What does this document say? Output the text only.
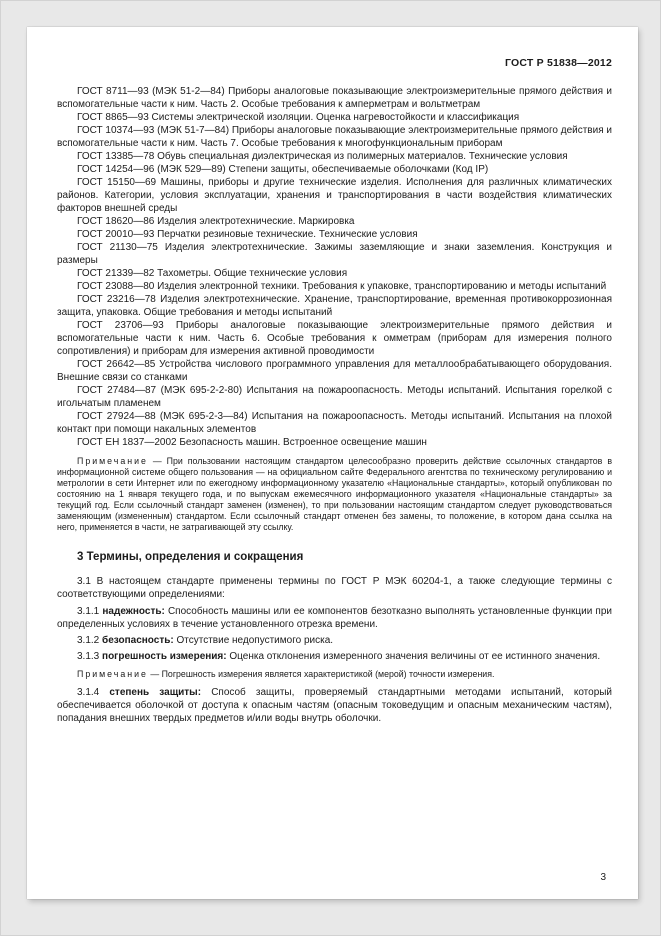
ГОСТ Р 51838—2012

ГОСТ 8711—93 (МЭК 51-2—84) Приборы аналоговые показывающие электроизмерительные прямого действия и вспомогательные части к ним. Часть 2. Особые требования к амперметрам и вольтметрам

ГОСТ 8865—93 Системы электрической изоляции. Оценка нагревостойкости и классификация

ГОСТ 10374—93 (МЭК 51-7—84) Приборы аналоговые показывающие электроизмерительные прямого действия и вспомогательные части к ним. Часть 7. Особые требования к многофункциональным приборам

ГОСТ 13385—78 Обувь специальная диэлектрическая из полимерных материалов. Технические условия

ГОСТ 14254—96 (МЭК 529—89) Степени защиты, обеспечиваемые оболочками (Код IP)

ГОСТ 15150—69 Машины, приборы и другие технические изделия. Исполнения для различных климатических районов. Категории, условия эксплуатации, хранения и транспортирования в части воздействия климатических факторов внешней среды

ГОСТ 18620—86 Изделия электротехнические. Маркировка

ГОСТ 20010—93 Перчатки резиновые технические. Технические условия

ГОСТ 21130—75 Изделия электротехнические. Зажимы заземляющие и знаки заземления. Конструкция и размеры

ГОСТ 21339—82 Тахометры. Общие технические условия

ГОСТ 23088—80 Изделия электронной техники. Требования к упаковке, транспортированию и методы испытаний

ГОСТ 23216—78 Изделия электротехнические. Хранение, транспортирование, временная противокоррозионная защита, упаковка. Общие требования и методы испытаний

ГОСТ 23706—93 Приборы аналоговые показывающие электроизмерительные прямого действия и вспомогательные части к ним. Часть 6. Особые требования к омметрам (приборам для измерения полного сопротивления) и приборам для измерения активной проводимости

ГОСТ 26642—85 Устройства числового программного управления для металлообрабатывающего оборудования. Внешние связи со станками

ГОСТ 27484—87 (МЭК 695-2-2-80) Испытания на пожароопасность. Методы испытаний. Испытания горелкой с игольчатым пламенем

ГОСТ 27924—88 (МЭК 695-2-3—84) Испытания на пожароопасность. Методы испытаний. Испытания на плохой контакт при помощи накальных элементов

ГОСТ ЕН 1837—2002 Безопасность машин. Встроенное освещение машин

Примечание — При пользовании настоящим стандартом целесообразно проверить действие ссылочных стандартов в информационной системе общего пользования — на официальном сайте Федерального агентства по техническому регулированию и метрологии в сети Интернет или по ежегодному информационному указателю «Национальные стандарты», который опубликован по состоянию на 1 января текущего года, и по выпускам ежемесячного информационного указателя «Национальные стандарты» за текущий год. Если ссылочный стандарт заменен (изменен), то при пользовании настоящим стандартом следует руководствоваться заменяющим (измененным) стандартом. Если ссылочный стандарт отменен без замены, то положение, в котором дана ссылка на него, применяется в части, не затрагивающей эту ссылку.

3 Термины, определения и сокращения

3.1 В настоящем стандарте применены термины по ГОСТ Р МЭК 60204-1, а также следующие термины с соответствующими определениями:

3.1.1 надежность: Способность машины или ее компонентов безотказно выполнять установленные функции при определенных условиях в течение установленного отрезка времени.

3.1.2 безопасность: Отсутствие недопустимого риска.

3.1.3 погрешность измерения: Оценка отклонения измеренного значения величины от ее истинного значения.

Примечание — Погрешность измерения является характеристикой (мерой) точности измерения.

3.1.4 степень защиты: Способ защиты, проверяемый стандартными методами испытаний, который обеспечивается оболочкой от доступа к опасным частям (опасным токоведущим и опасным механическим частям), попадания внешних твердых предметов и/или воды внутрь оболочки.

3
